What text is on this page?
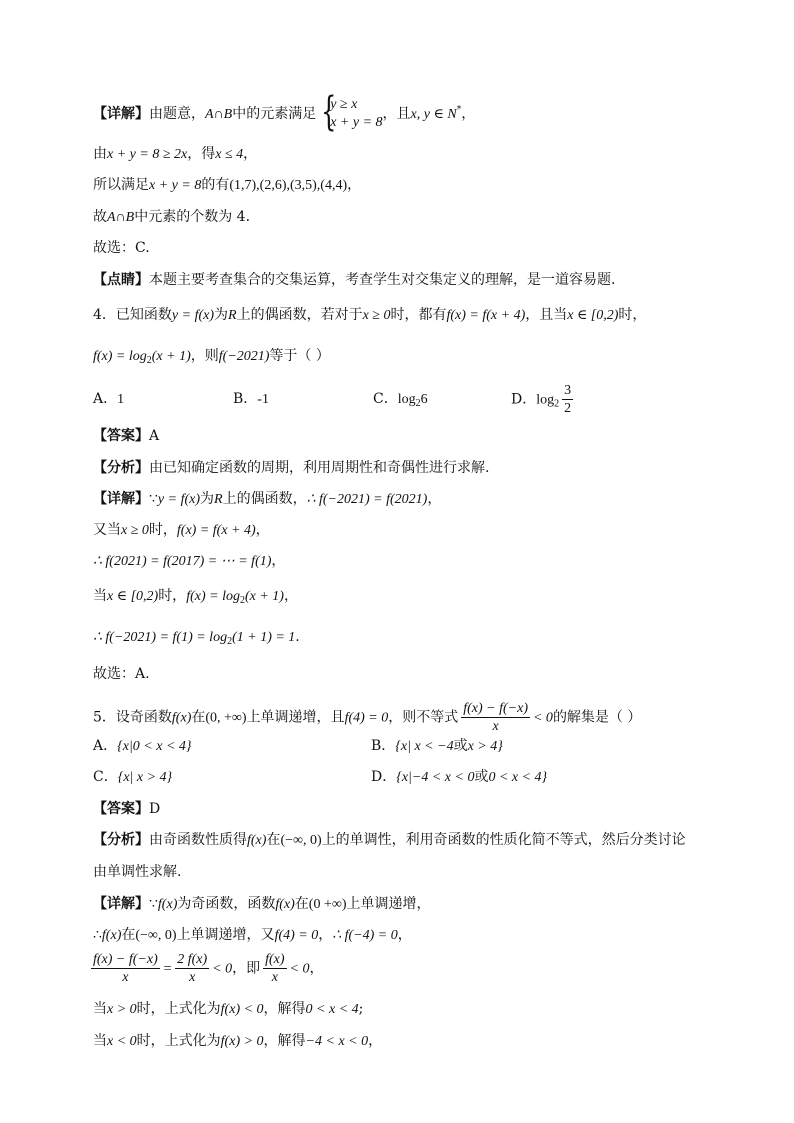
【详解】由题意，A∩B中的元素满足 {
y ≥ x
x + y = 8
，且x, y ∈ N*，
由x + y = 8 ≥ 2x，得x ≤ 4，
所以满足x + y = 8的有(1,7),(2,6),(3,5),(4,4)，
故A∩B中元素的个数为 4.
故选：C.
【点睛】本题主要考查集合的交集运算，考查学生对交集定义的理解，是一道容易题.
4．已知函数y = f(x)为R上的偶函数，若对于x ≥ 0时，都有f(x) = f(x + 4)，且当x ∈ [0,2)时，
$f(x) = \log_2(x + 1)$，则f(−2021)等于（ ）
A．1	B．-1	C．$\log_26$	D．$\log_2 \frac{3}{2}$
【答案】A
【分析】由已知确定函数的周期，利用周期性和奇偶性进行求解.
【详解】∵y = f(x)为R上的偶函数，∴ f(−2021) = f(2021)，
又当x ≥ 0时，f(x) = f(x + 4)，
∴ f(2021) = f(2017) = ⋯ = f(1)，
当x ∈ [0,2)时，$f(x) = \log_2(x + 1)$，
∴ $f(-2021) = f(1) = \log_2(1 + 1) = 1$.
故选：A.
5．设奇函数f(x)在(0, +∞)上单调递增，且f(4) = 0，则不等式 $\frac{f(x) - f(-x)}{x} < 0$的解集是（ ）
A．{x|0 < x < 4}	B．{x| x < −4或x > 4}
C．{x| x > 4}	D．{x|−4 < x < 0或0 < x < 4}
【答案】D
【分析】由奇函数性质得f(x)在(−∞, 0)上的单调性，利用奇函数的性质化简不等式，然后分类讨论
由单调性求解.
【详解】∵f(x)为奇函数，函数f(x)在(0 +∞)上单调递增，
∴f(x)在(−∞, 0)上单调递增，又f(4) = 0，∴ f(−4) = 0，
$\frac{f(x) - f(-x)}{x} = \frac{2 f(x)}{x} < 0$，即 $\frac{f(x)}{x} < 0$，
当x > 0时，上式化为f(x) < 0，解得0 < x < 4;
当x < 0时，上式化为f(x) > 0，解得−4 < x < 0，
